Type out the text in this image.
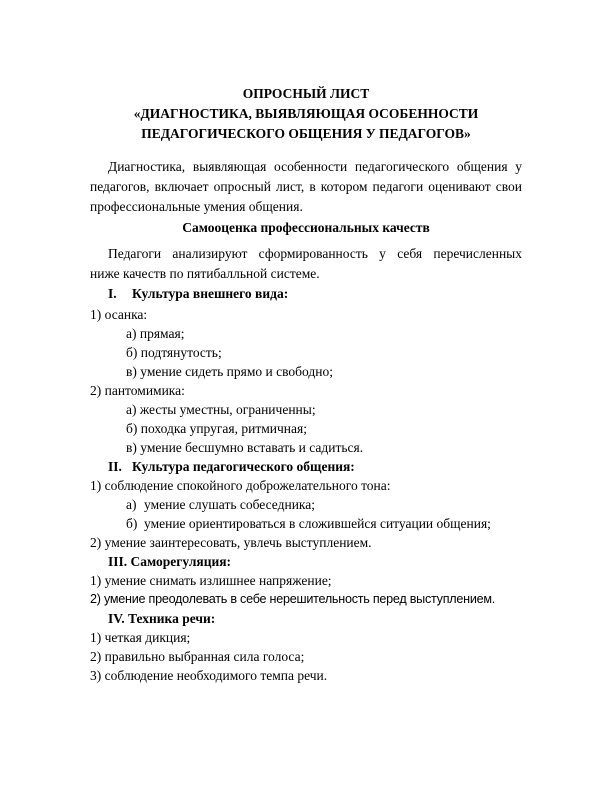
ОПРОСНЫЙ ЛИСТ
«ДИАГНОСТИКА, ВЫЯВЛЯЮЩАЯ ОСОБЕННОСТИ
ПЕДАГОГИЧЕСКОГО ОБЩЕНИЯ У ПЕДАГОГОВ»
Диагностика, выявляющая особенности педагогического общения у
педагогов, включает опросный лист, в котором педагоги оценивают свои
профессиональные умения общения.
Самооценка профессиональных качеств
Педагоги анализируют сформированность у себя перечисленных
ниже качеств по пятибалльной системе.
I. Культура внешнего вида:
1) осанка:
а) прямая;
б) подтянутость;
в) умение сидеть прямо и свободно;
2) пантомимика:
а) жесты уместны, ограниченны;
б) походка упругая, ритмичная;
в) умение бесшумно вставать и садиться.
II. Культура педагогического общения:
1) соблюдение спокойного доброжелательного тона:
а) умение слушать собеседника;
б) умение ориентироваться в сложившейся ситуации общения;
2) умение заинтересовать, увлечь выступлением.
III. Саморегуляция:
1) умение снимать излишнее напряжение;
2) умение преодолевать в себе нерешительность перед выступлением.
IV. Техника речи:
1) четкая дикция;
2) правильно выбранная сила голоса;
3) соблюдение необходимого темпа речи.
